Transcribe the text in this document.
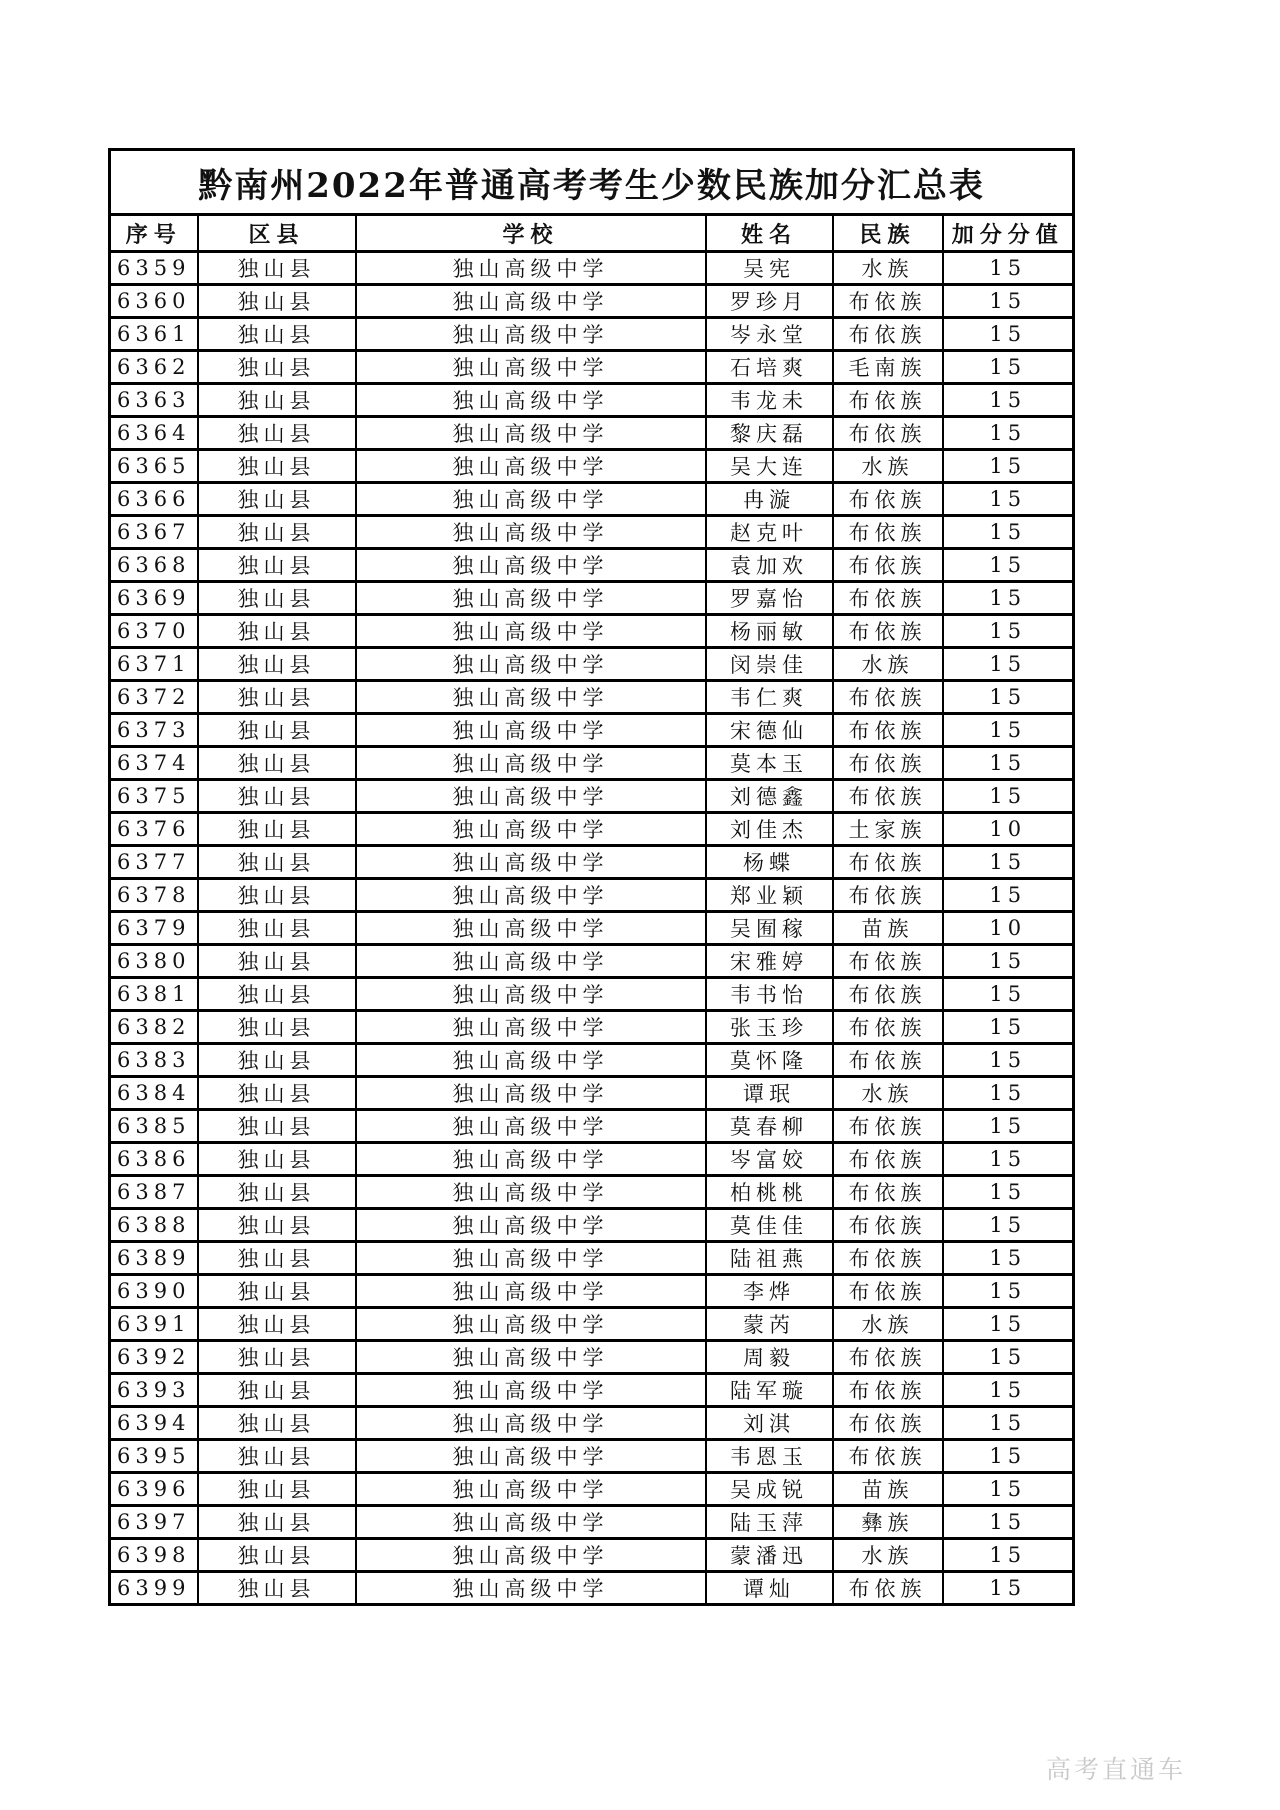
黔南州2022年普通高考考生少数民族加分汇总表					
序号	区县	学校	姓名	民族	加分分值
6359	独山县	独山高级中学	吴宪	水族	15
6360	独山县	独山高级中学	罗珍月	布依族	15
6361	独山县	独山高级中学	岑永堂	布依族	15
6362	独山县	独山高级中学	石培爽	毛南族	15
6363	独山县	独山高级中学	韦龙未	布依族	15
6364	独山县	独山高级中学	黎庆磊	布依族	15
6365	独山县	独山高级中学	吴大连	水族	15
6366	独山县	独山高级中学	冉漩	布依族	15
6367	独山县	独山高级中学	赵克叶	布依族	15
6368	独山县	独山高级中学	袁加欢	布依族	15
6369	独山县	独山高级中学	罗嘉怡	布依族	15
6370	独山县	独山高级中学	杨丽敏	布依族	15
6371	独山县	独山高级中学	闵崇佳	水族	15
6372	独山县	独山高级中学	韦仁爽	布依族	15
6373	独山县	独山高级中学	宋德仙	布依族	15
6374	独山县	独山高级中学	莫本玉	布依族	15
6375	独山县	独山高级中学	刘德鑫	布依族	15
6376	独山县	独山高级中学	刘佳杰	土家族	10
6377	独山县	独山高级中学	杨蝶	布依族	15
6378	独山县	独山高级中学	郑业颖	布依族	15
6379	独山县	独山高级中学	吴囿稼	苗族	10
6380	独山县	独山高级中学	宋雅婷	布依族	15
6381	独山县	独山高级中学	韦书怡	布依族	15
6382	独山县	独山高级中学	张玉珍	布依族	15
6383	独山县	独山高级中学	莫怀隆	布依族	15
6384	独山县	独山高级中学	谭珉	水族	15
6385	独山县	独山高级中学	莫春柳	布依族	15
6386	独山县	独山高级中学	岑富姣	布依族	15
6387	独山县	独山高级中学	柏桃桃	布依族	15
6388	独山县	独山高级中学	莫佳佳	布依族	15
6389	独山县	独山高级中学	陆祖燕	布依族	15
6390	独山县	独山高级中学	李烨	布依族	15
6391	独山县	独山高级中学	蒙芮	水族	15
6392	独山县	独山高级中学	周毅	布依族	15
6393	独山县	独山高级中学	陆军璇	布依族	15
6394	独山县	独山高级中学	刘淇	布依族	15
6395	独山县	独山高级中学	韦恩玉	布依族	15
6396	独山县	独山高级中学	吴成锐	苗族	15
6397	独山县	独山高级中学	陆玉萍	彝族	15
6398	独山县	独山高级中学	蒙潘迅	水族	15
6399	独山县	独山高级中学	谭灿	布依族	15
高考直通车
